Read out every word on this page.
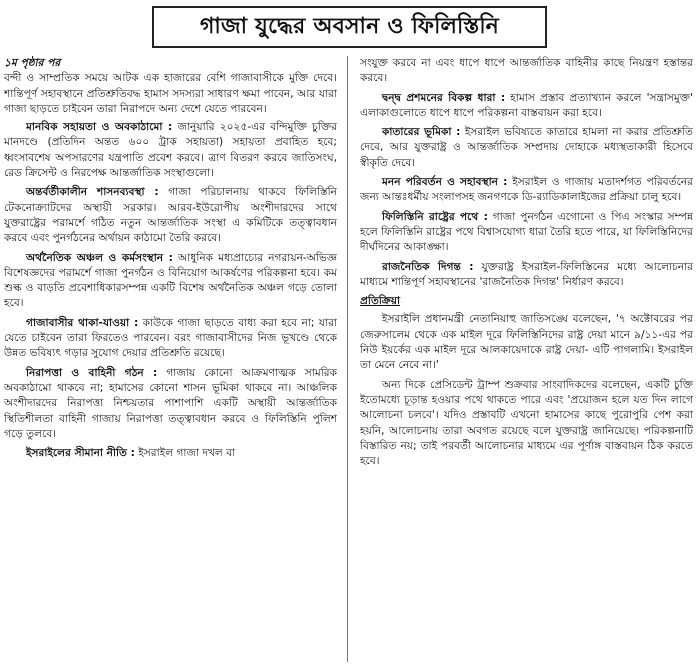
গাজা যুদ্ধের অবসান ও ফিলিস্তিনি

১ম পৃষ্ঠার পর
বন্দী ও সাম্প্রতিক সময়ে আটক এক হাজারের বেশি গাজাবাসীকে মুক্তি দেবে। শান্তিপূর্ণ সহাবস্থানে প্রতিশ্রুতিবদ্ধ হামাস সদস্যরা সাধারণ ক্ষমা পাবেন, আর যারা গাজা ছাড়তে চাইবেন তারা নিরাপদে অন্য দেশে যেতে পারবেন।

মানবিক সহায়তা ও অবকাঠামো : জানুয়ারি ২০২৫-এর বন্দিমুক্তি চুক্তির মানদণ্ডে (প্রতিদিন অন্তত ৬০০ ট্রাক সহায়তা) সহায়তা প্রবাহিত হবে; ধ্বংসাবশেষ অপসারণের যন্ত্রপাতি প্রবেশ করবে। ত্রাণ বিতরণ করবে জাতিসংঘ, রেড ক্রিসেন্ট ও নিরপেক্ষ আন্তর্জাতিক সংস্থাগুলো।

অন্তর্বর্তীকালীন শাসনব্যবস্থা : গাজা পরিচালনায় থাকবে ফিলিস্তিনি টেকনোক্র্যাটদের অস্থায়ী সরকার। আরব-ইউরোপীয় অংশীদারদের সাথে যুক্তরাষ্ট্রের পরামর্শে গঠিত নতুন আন্তর্জাতিক সংস্থা এ কমিটিকে তত্ত্বাবধান করবে এবং পুনর্গঠনের অর্থায়ন কাঠামো তৈরি করবে।

অর্থনৈতিক অঞ্চল ও কর্মসংস্থান : আধুনিক মধ্যপ্রাচ্যের নগরায়ন-অভিজ্ঞ বিশেষজ্ঞদের পরামর্শে গাজা পুনর্গঠন ও বিনিয়োগ আকর্ষণের পরিকল্পনা হবে। কম শুল্ক ও বাড়তি প্রবেশাধিকারসম্পন্ন একটি বিশেষ অর্থনৈতিক অঞ্চল গড়ে তোলা হবে।

গাজাবাসীর থাকা-যাওয়া : কাউকে গাজা ছাড়তে বাধ্য করা হবে না; যারা যেতে চাইবেন তারা ফিরতেও পারবেন। বরং গাজাবাসীদের নিজ ভূখণ্ডে থেকে উন্নত ভবিষ্যৎ গড়ার সুযোগ দেয়ার প্রতিশ্রুতি রয়েছে।

নিরাপত্তা ও বাহিনী গঠন : গাজায় কোনো আক্রমণাত্মক সামরিক অবকাঠামো থাকবে না; হামাসের কোনো শাসন ভূমিকা থাকবে না। আঞ্চলিক অংশীদারদের নিরাপত্তা নিশ্চয়তার পাশাপাশি একটি অস্থায়ী আন্তর্জাতিক স্থিতিশীলতা বাহিনী গাজায় নিরাপত্তা তত্ত্বাবধান করবে ও ফিলিস্তিনি পুলিশ গড়ে তুলবে।

ইসরাইলের সীমানা নীতি : ইসরাইল গাজা দখল বা

সংযুক্ত করবে না এবং ধাপে ধাপে আন্তর্জাতিক বাহিনীর কাছে নিয়ন্ত্রণ হস্তান্তর করবে।

দ্বন্দ্ব প্রশমনের বিকল্প ধারা : হামাস প্রস্তাব প্রত্যাখ্যান করলে 'সন্ত্রাসমুক্ত' এলাকাগুলোতে ধাপে ধাপে পরিকল্পনা বাস্তবায়ন করা হবে।

কাতারের ভূমিকা : ইসরাইল ভবিষ্যতে কাতারে হামলা না করার প্রতিশ্রুতি দেবে, আর যুক্তরাষ্ট্র ও আন্তর্জাতিক সম্প্রদায় দোহাকে মধ্যস্থতাকারী হিসেবে স্বীকৃতি দেবে।

মনন পরিবর্তন ও সহাবস্থান : ইসরাইল ও গাজায় মতাদর্শগত পরিবর্তনের জন্য আন্তঃধর্মীয় সংলাপসহ জনগণকে ডি-র‍্যাডিকালাইজের প্রক্রিয়া চালু হবে।

ফিলিস্তিনি রাষ্ট্রের পথে : গাজা পুনর্গঠন এগোনো ও পিএ সংস্কার সম্পন্ন হলে ফিলিস্তিনি রাষ্ট্রের পথে বিশ্বাসযোগ্য ধারা তৈরি হতে পারে, যা ফিলিস্তিনিদের দীর্ঘদিনের আকাঙ্ক্ষা।

রাজনৈতিক দিগন্ত : যুক্তরাষ্ট্র ইসরাইল-ফিলিস্তিনের মধ্যে আলোচনার মাধ্যমে শান্তিপূর্ণ সহাবস্থানের 'রাজনৈতিক দিগন্ত' নির্ধারণ করবে।

প্রতিক্রিয়া

ইসরাইলি প্রধানমন্ত্রী নেতানিয়াহু জাতিসঙ্ঘে বলেছেন, '৭ অক্টোবরের পর জেরুসালেম থেকে এক মাইল দূরে ফিলিস্তিনিদের রাষ্ট্র দেয়া মানে ৯/১১-এর পর নিউ ইয়র্কের এক মাইল দূরে আলকায়েদাকে রাষ্ট্র দেয়া- এটি পাগলামি। ইসরাইল তা মেনে নেবে না।'

অন্য দিকে প্রেসিডেন্ট ট্রাম্প শুক্রবার সাংবাদিকদের বলেছেন, একটি চুক্তি ইতোমধ্যে চূড়ান্ত হওয়ার পথে থাকতে পারে এবং 'প্রয়োজন হলে যত দিন লাগে আলোচনা চলবে'। যদিও প্রস্তাবটি এখনো হামাসের কাছে পুরোপুরি পেশ করা হয়নি, আলোচনায় তারা অবগত রয়েছে বলে যুক্তরাষ্ট্র জানিয়েছে। পরিকল্পনাটি বিস্তারিত নয়; তাই পরবর্তী আলোচনার মাধ্যমে এর পূর্ণাঙ্গ বাস্তবায়ন ঠিক করতে হবে।
